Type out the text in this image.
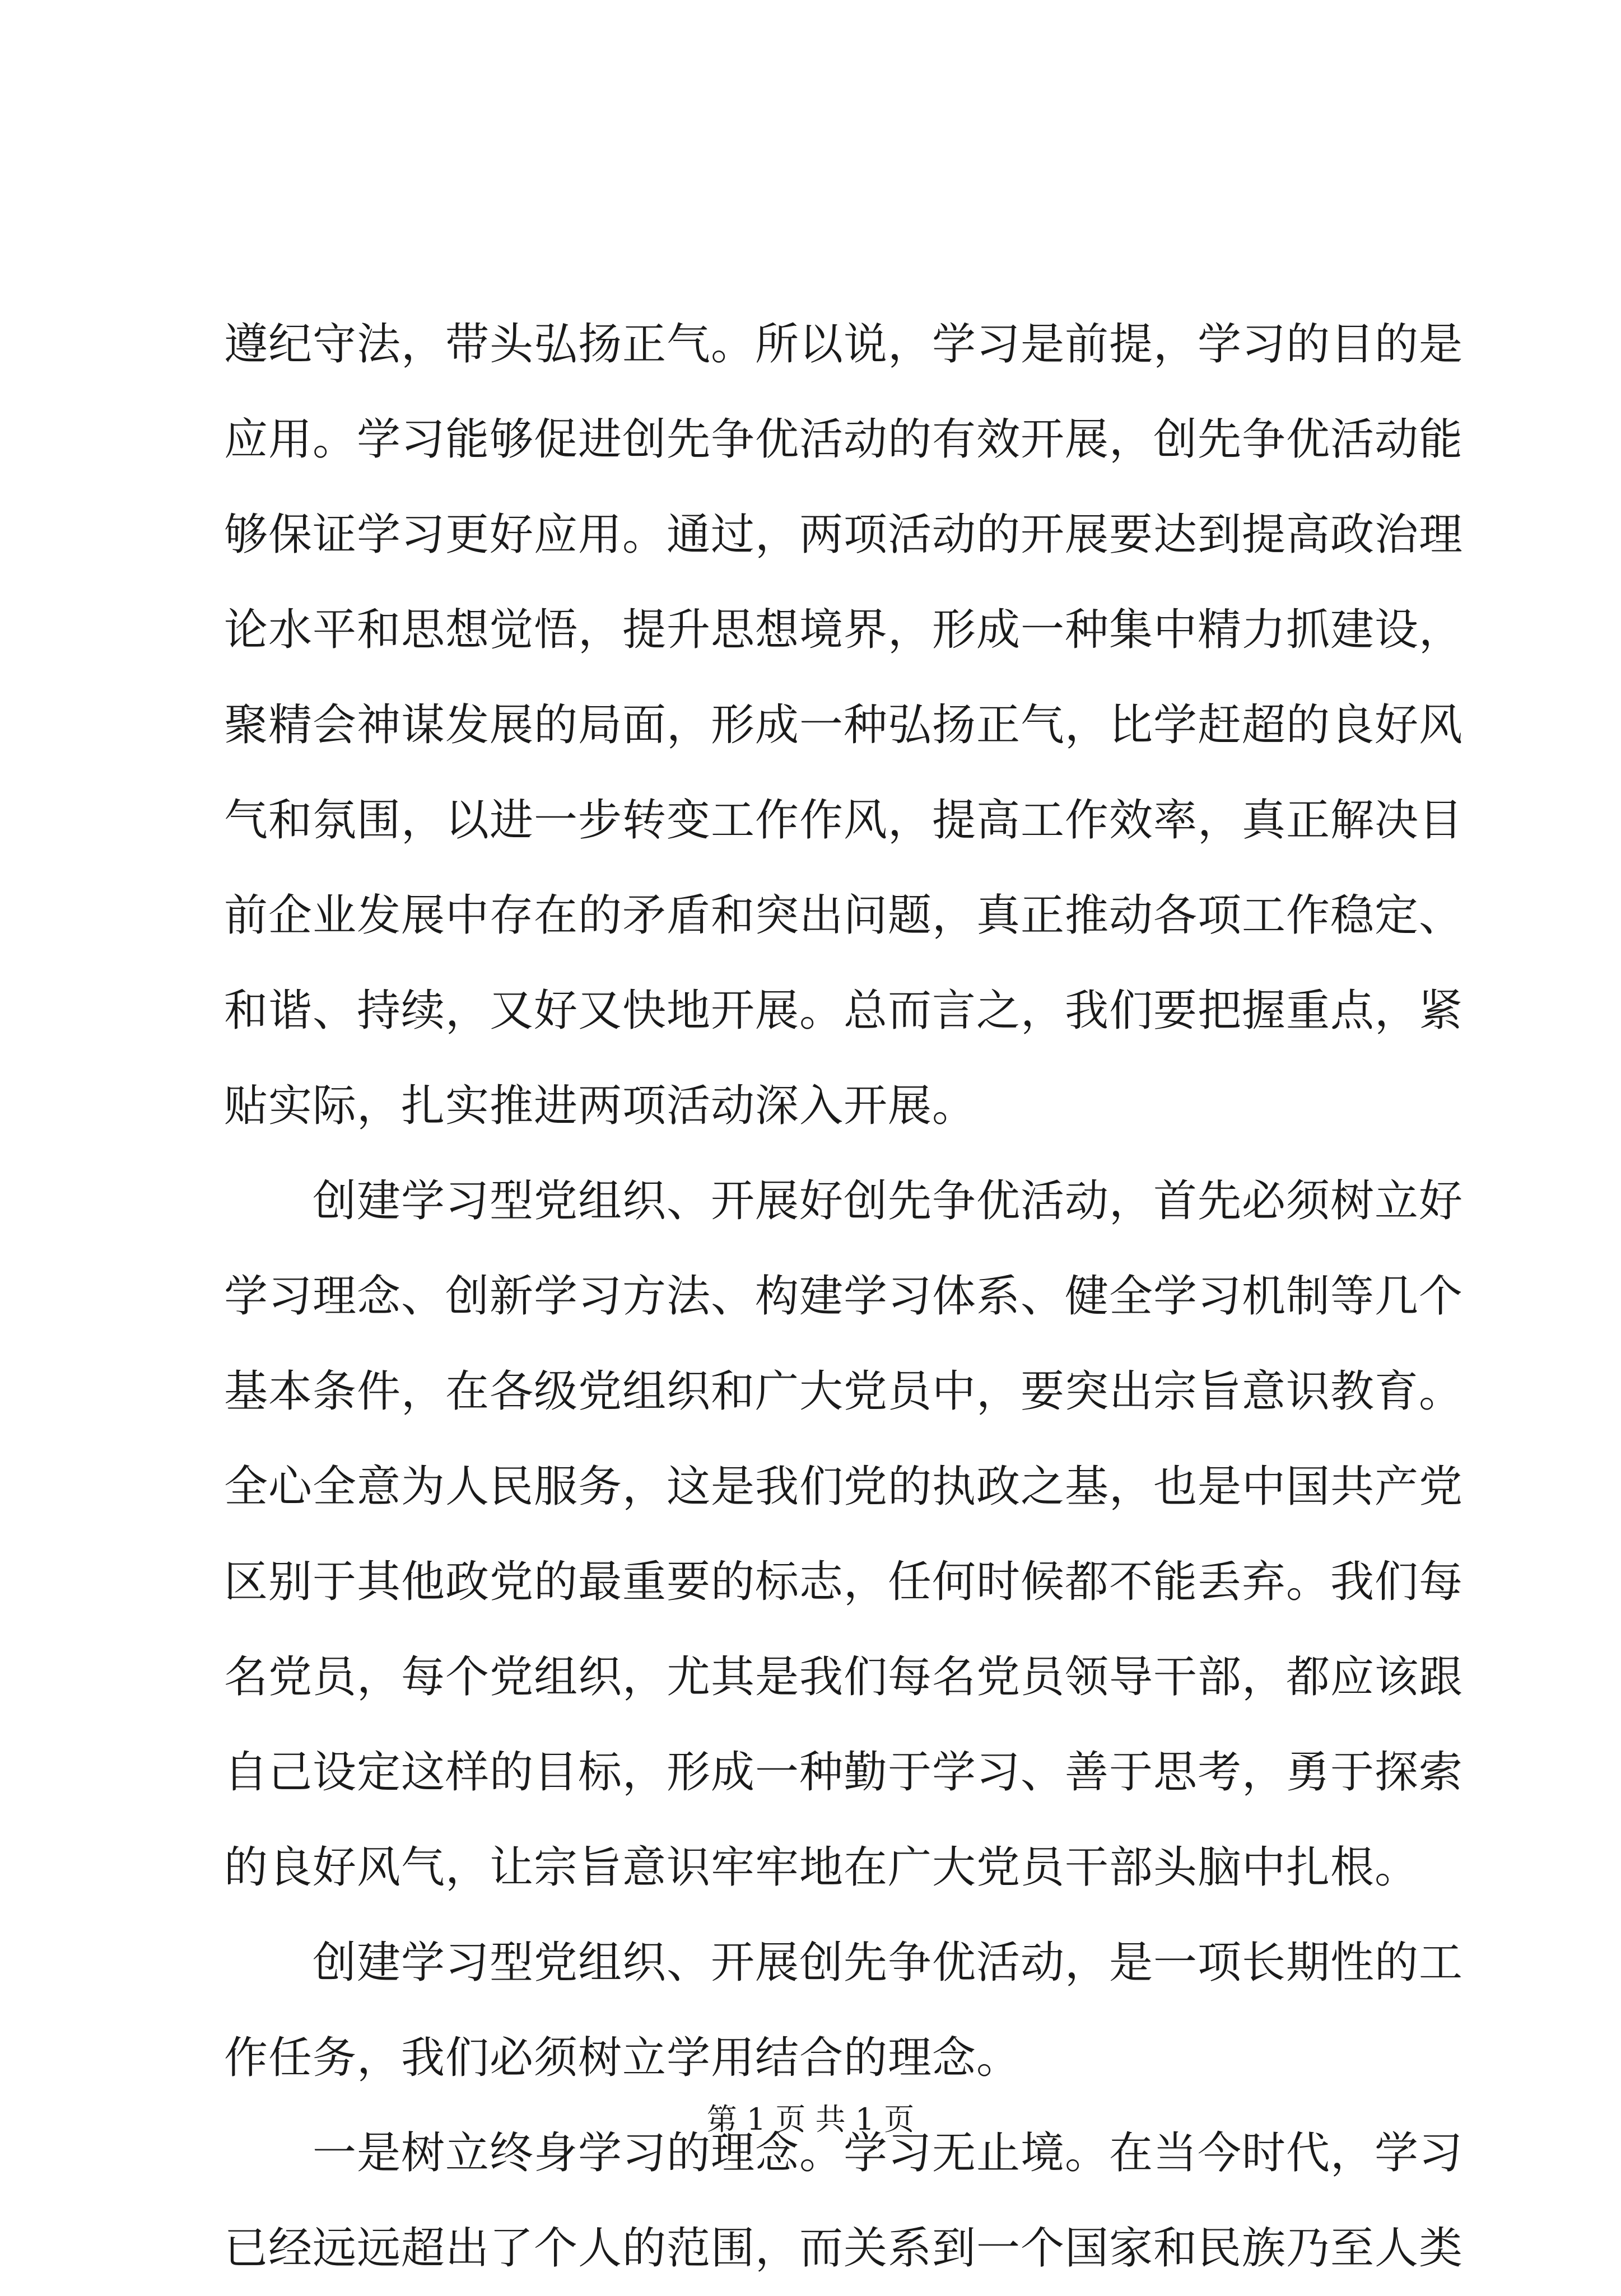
遵纪守法，带头弘扬正气。所以说，学习是前提，学习的目的是
应用。学习能够促进创先争优活动的有效开展，创先争优活动能
够保证学习更好应用。通过，两项活动的开展要达到提高政治理
论水平和思想觉悟，提升思想境界，形成一种集中精力抓建设，
聚精会神谋发展的局面，形成一种弘扬正气，比学赶超的良好风
气和氛围，以进一步转变工作作风，提高工作效率，真正解决目
前企业发展中存在的矛盾和突出问题，真正推动各项工作稳定、
和谐、持续，又好又快地开展。总而言之，我们要把握重点，紧
贴实际，扎实推进两项活动深入开展。
　　创建学习型党组织、开展好创先争优活动，首先必须树立好
学习理念、创新学习方法、构建学习体系、健全学习机制等几个
基本条件，在各级党组织和广大党员中，要突出宗旨意识教育。
全心全意为人民服务，这是我们党的执政之基，也是中国共产党
区别于其他政党的最重要的标志，任何时候都不能丢弃。我们每
名党员，每个党组织，尤其是我们每名党员领导干部，都应该跟
自己设定这样的目标，形成一种勤于学习、善于思考，勇于探索
的良好风气，让宗旨意识牢牢地在广大党员干部头脑中扎根。
　　创建学习型党组织、开展创先争优活动，是一项长期性的工
作任务，我们必须树立学用结合的理念。
　　一是树立终身学习的理念。学习无止境。在当今时代，学习
已经远远超出了个人的范围，而关系到一个国家和民族乃至人类
第 1 页 共 1 页
